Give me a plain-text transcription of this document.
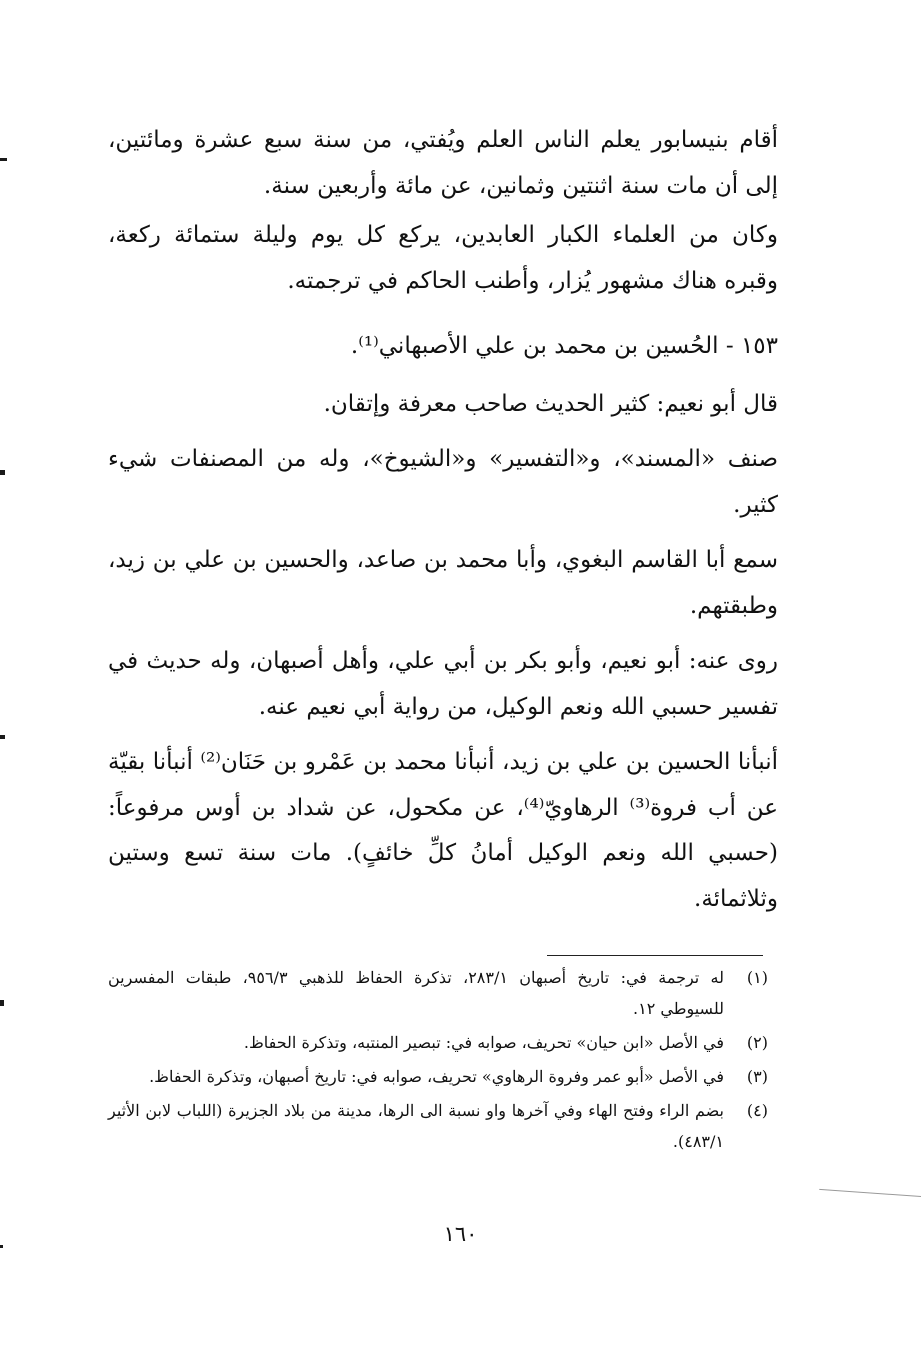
أقام بنيسابور يعلم الناس العلم ويُفتي، من سنة سبع عشرة ومائتين، إلى أن مات سنة اثنتين وثمانين، عن مائة وأربعين سنة.

وكان من العلماء الكبار العابدين، يركع كل يوم وليلة ستمائة ركعة، وقبره هناك مشهور يُزار، وأطنب الحاكم في ترجمته.

١٥٣ - الحُسين بن محمد بن علي الأصبهاني⁽¹⁾.

قال أبو نعيم: كثير الحديث صاحب معرفة وإتقان.

صنف «المسند»، و«التفسير» و«الشيوخ»، وله من المصنفات شيء كثير.

سمع أبا القاسم البغوي، وأبا محمد بن صاعد، والحسين بن علي بن زيد، وطبقتهم.

روى عنه: أبو نعيم، وأبو بكر بن أبي علي، وأهل أصبهان، وله حديث في تفسير حسبي الله ونعم الوكيل، من رواية أبي نعيم عنه.

أنبأنا الحسين بن علي بن زيد، أنبأنا محمد بن عَمْرو بن حَنَان⁽²⁾ أنبأنا بقيّة عن أب فروة⁽³⁾ الرهاويّ⁽⁴⁾، عن مكحول، عن شداد بن أوس مرفوعاً: (حسبي الله ونعم الوكيل أمانُ كلِّ خائفٍ). مات سنة تسع وستين وثلاثمائة.

(١)
له ترجمة في: تاريخ أصبهان ٢٨٣/١، تذكرة الحفاظ للذهبي ٩٥٦/٣، طبقات المفسرين للسيوطي ١٢.
(٢)
في الأصل «ابن حيان» تحريف، صوابه في: تبصير المنتبه، وتذكرة الحفاظ.
(٣)
في الأصل «أبو عمر وفروة الرهاوي» تحريف، صوابه في: تاريخ أصبهان، وتذكرة الحفاظ.
(٤)
بضم الراء وفتح الهاء وفي آخرها واو نسبة الى الرها، مدينة من بلاد الجزيرة (اللباب لابن الأثير ٤٨٣/١).
١٦٠
